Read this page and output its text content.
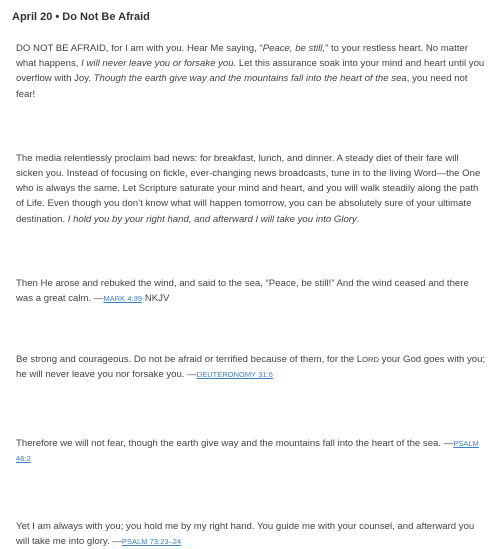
April 20 • Do Not Be Afraid

DO NOT BE AFRAID, for I am with you. Hear Me saying, “Peace, be still,” to your restless heart. No matter what happens, I will never leave you or forsake you. Let this assurance soak into your mind and heart until you overflow with Joy. Though the earth give way and the mountains fall into the heart of the sea, you need not fear!

The media relentlessly proclaim bad news: for breakfast, lunch, and dinner. A steady diet of their fare will sicken you. Instead of focusing on fickle, ever-changing news broadcasts, tune in to the living Word—the One who is always the same. Let Scripture saturate your mind and heart, and you will walk steadily along the path of Life. Even though you don’t know what will happen tomorrow, you can be absolutely sure of your ultimate destination. I hold you by your right hand, and afterward I will take you into Glory.

Then He arose and rebuked the wind, and said to the sea, “Peace, be still!” And the wind ceased and there was a great calm. —MARK 4:39 NKJV

Be strong and courageous. Do not be afraid or terrified because of them, for the LORD your God goes with you; he will never leave you nor forsake you. —DEUTERONOMY 31:6

Therefore we will not fear, though the earth give way and the mountains fall into the heart of the sea. —PSALM 46:2

Yet I am always with you; you hold me by my right hand. You guide me with your counsel, and afterward you will take me into glory. —PSALM 73:23–24
